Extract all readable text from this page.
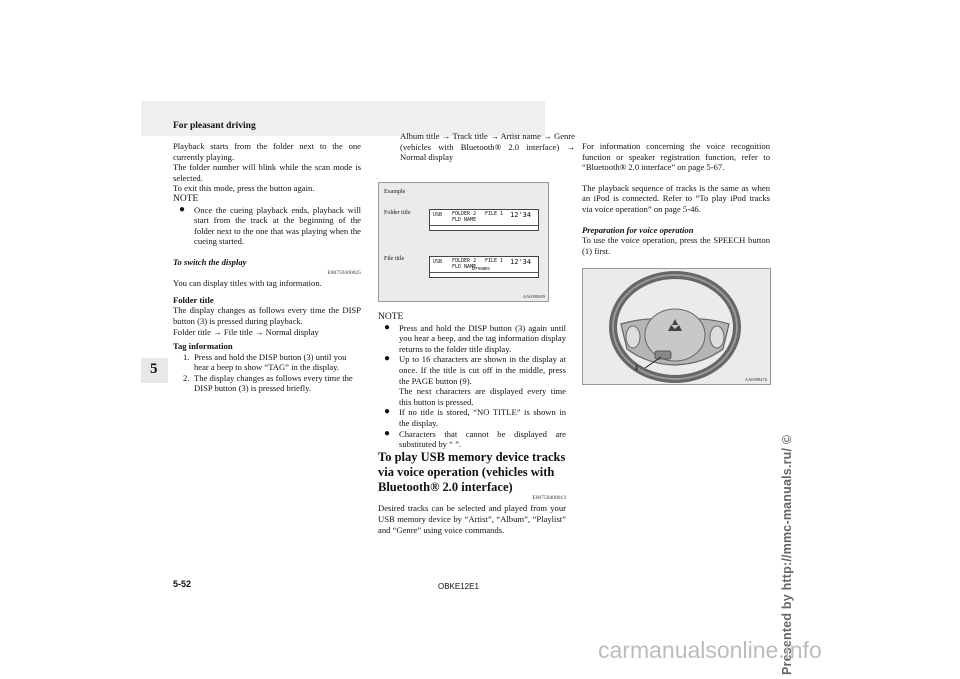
For pleasant driving
5

Playback starts from the folder next to the one currently playing.

The folder number will blink while the scan mode is selected.

To exit this mode, press the button again.

NOTE

● Once the cueing playback ends, playback will start from the track at the beginning of the folder next to the one that was playing when the cueing started.

To switch the display

E00759300025

You can display titles with tag information.

Folder title

The display changes as follows every time the DISP button (3) is pressed during playback.

Folder title → File title → Normal display

Tag information

1. Press and hold the DISP button (3) until you hear a beep to show “TAG” in the display.
2. The display changes as follows every time the DISP button (3) is pressed briefly.

Album title → Track title → Artist name → Genre (vehicles with Bluetooth® 2.0 interface) → Normal display

Example
Folder title
File title
USB FOLDER 2
FLD NAME
FILE 1 12'34
USB FOLDER 2
FLD NAME
Dreams
FILE 1 12'34
AA0098489

NOTE

● Press and hold the DISP button (3) again until you hear a beep, and the tag information display returns to the folder title display.
● Up to 16 characters are shown in the display at once. If the title is cut off in the middle, press the PAGE button (9).
The next characters are displayed every time this button is pressed.
● If no title is stored, “NO TITLE” is shown in the display.
● Characters that cannot be displayed are substituted by “ ”.

To play USB memory device tracks via voice operation (vehicles with Bluetooth® 2.0 interface)

E00759400013

Desired tracks can be selected and played from your USB memory device by “Artist”, “Album”, “Playlist” and “Genre” using voice commands.

For information concerning the voice recognition function or speaker registration function, refer to “Bluetooth® 2.0 interface” on page 5-67.

The playback sequence of tracks is the same as when an iPod is connected. Refer to “To play iPod tracks via voice operation” on page 5-46.

Preparation for voice operation

To use the voice operation, press the SPEECH button (1) first.

1
AA0098476
5-52	OBKE12E1	Presented by http://mmc-manuals.ru/ ©
carmanualsonline.info
